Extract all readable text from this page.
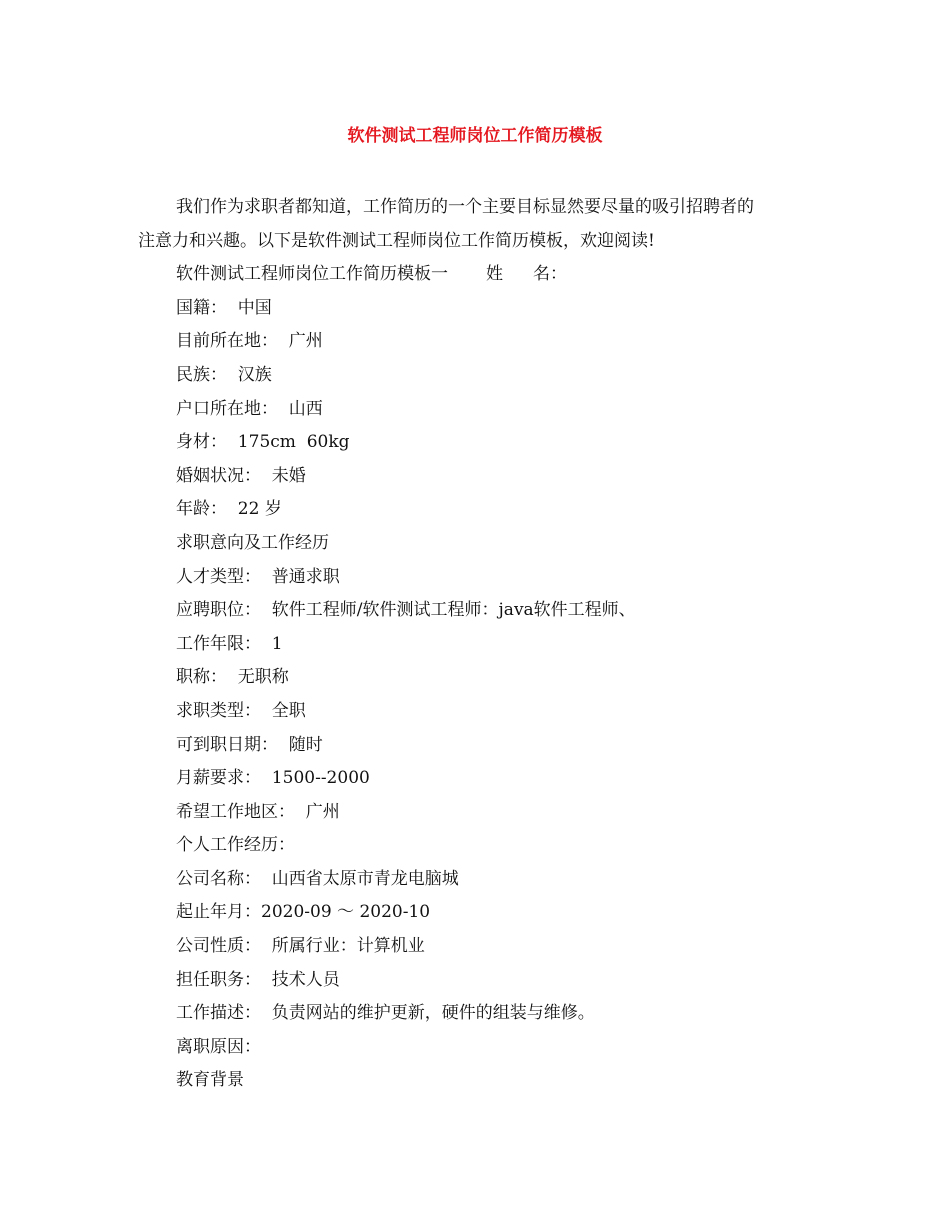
软件测试工程师岗位工作简历模板

我们作为求职者都知道，工作简历的一个主要目标显然要尽量的吸引招聘者的

注意力和兴趣。以下是软件测试工程师岗位工作简历模板，欢迎阅读!

软件测试工程师岗位工作简历模板一 姓 名：

国籍：  中国

目前所在地：  广州

民族：  汉族

户口所在地：  山西

身材：  175cm  60kg

婚姻状况：  未婚

年龄：  22 岁

求职意向及工作经历

人才类型：  普通求职

应聘职位：  软件工程师/软件测试工程师：java软件工程师、

工作年限：  1

职称：  无职称

求职类型：  全职

可到职日期：  随时

月薪要求：  1500--2000

希望工作地区：  广州

个人工作经历：

公司名称：  山西省太原市青龙电脑城

起止年月：2020-09 ～ 2020-10

公司性质：  所属行业：计算机业

担任职务：  技术人员

工作描述：  负责网站的维护更新，硬件的组装与维修。

离职原因：

教育背景
